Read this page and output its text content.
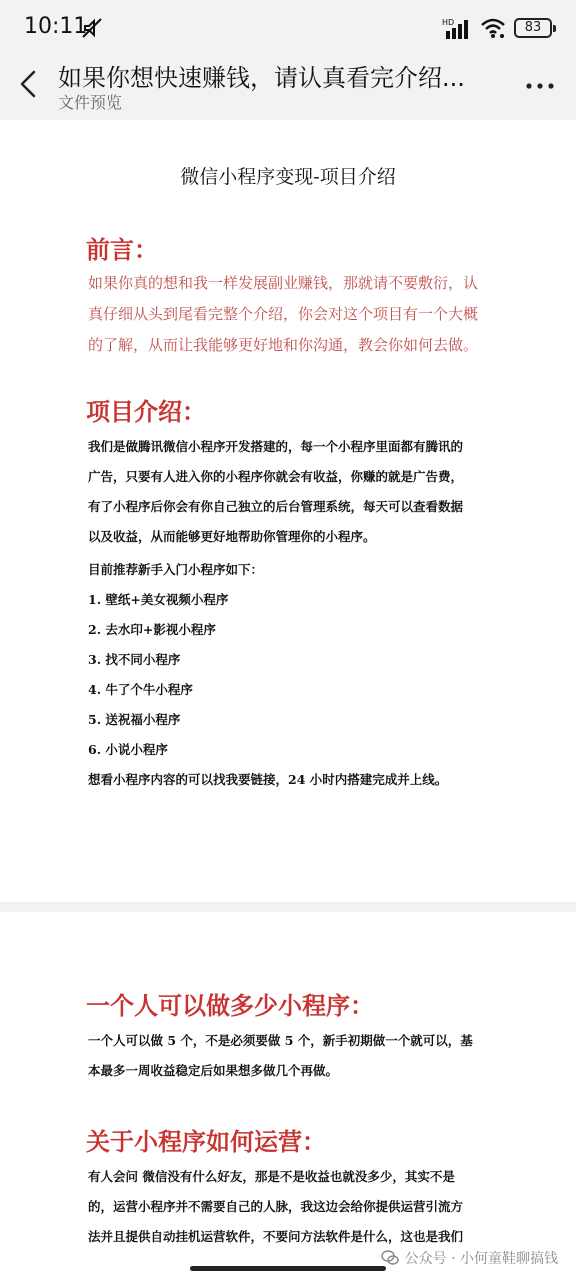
10:11	HD	83
如果你想快速赚钱，请认真看完介绍...
文件预览
微信小程序变现-项目介绍
前言：
如果你真的想和我一样发展副业赚钱，那就请不要敷衍，认
真仔细从头到尾看完整个介绍，你会对这个项目有一个大概
的了解，从而让我能够更好地和你沟通，教会你如何去做。
项目介绍：
我们是做腾讯微信小程序开发搭建的，每一个小程序里面都有腾讯的
广告，只要有人进入你的小程序你就会有收益，你赚的就是广告费，
有了小程序后你会有你自己独立的后台管理系统，每天可以查看数据
以及收益，从而能够更好地帮助你管理你的小程序。
目前推荐新手入门小程序如下：
1. 壁纸+美女视频小程序
2. 去水印+影视小程序
3. 找不同小程序
4. 牛了个牛小程序
5. 送祝福小程序
6. 小说小程序
想看小程序内容的可以找我要链接，24 小时内搭建完成并上线。
一个人可以做多少小程序：
一个人可以做 5 个，不是必须要做 5 个，新手初期做一个就可以，基
本最多一周收益稳定后如果想多做几个再做。
关于小程序如何运营：
有人会问 微信没有什么好友，那是不是收益也就没多少，其实不是
的，运营小程序并不需要自己的人脉，我这边会给你提供运营引流方
法并且提供自动挂机运营软件，不要问方法软件是什么，这也是我们
公众号 · 小何童鞋聊搞钱
